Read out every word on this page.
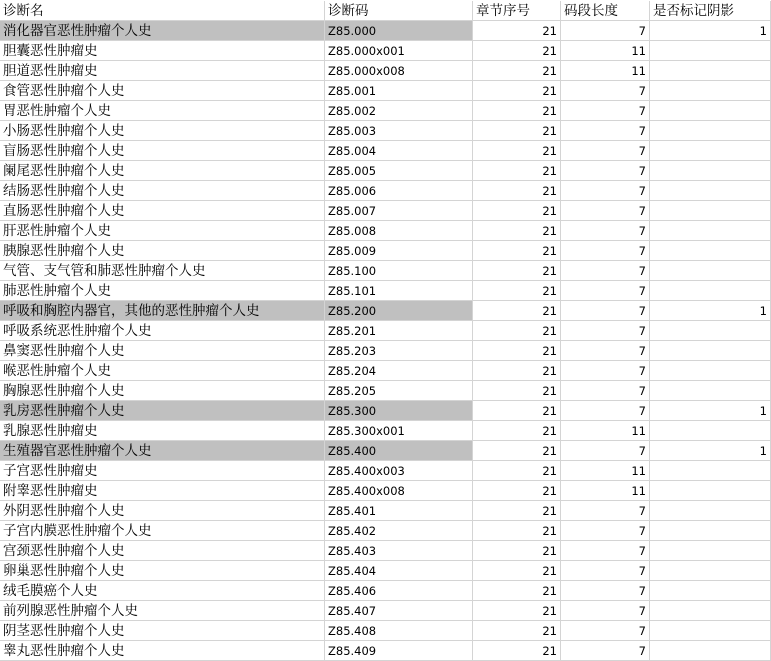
诊断名	诊断码	章节序号	码段长度	是否标记阴影
消化器官恶性肿瘤个人史	Z85.000	21	7	1
胆囊恶性肿瘤史	Z85.000x001	21	11
胆道恶性肿瘤史	Z85.000x008	21	11
食管恶性肿瘤个人史	Z85.001	21	7
胃恶性肿瘤个人史	Z85.002	21	7
小肠恶性肿瘤个人史	Z85.003	21	7
盲肠恶性肿瘤个人史	Z85.004	21	7
阑尾恶性肿瘤个人史	Z85.005	21	7
结肠恶性肿瘤个人史	Z85.006	21	7
直肠恶性肿瘤个人史	Z85.007	21	7
肝恶性肿瘤个人史	Z85.008	21	7
胰腺恶性肿瘤个人史	Z85.009	21	7
气管、支气管和肺恶性肿瘤个人史	Z85.100	21	7
肺恶性肿瘤个人史	Z85.101	21	7
呼吸和胸腔内器官，其他的恶性肿瘤个人史	Z85.200	21	7	1
呼吸系统恶性肿瘤个人史	Z85.201	21	7
鼻窦恶性肿瘤个人史	Z85.203	21	7
喉恶性肿瘤个人史	Z85.204	21	7
胸腺恶性肿瘤个人史	Z85.205	21	7
乳房恶性肿瘤个人史	Z85.300	21	7	1
乳腺恶性肿瘤史	Z85.300x001	21	11
生殖器官恶性肿瘤个人史	Z85.400	21	7	1
子宫恶性肿瘤史	Z85.400x003	21	11
附睾恶性肿瘤史	Z85.400x008	21	11
外阴恶性肿瘤个人史	Z85.401	21	7
子宫内膜恶性肿瘤个人史	Z85.402	21	7
宫颈恶性肿瘤个人史	Z85.403	21	7
卵巢恶性肿瘤个人史	Z85.404	21	7
绒毛膜癌个人史	Z85.406	21	7
前列腺恶性肿瘤个人史	Z85.407	21	7
阴茎恶性肿瘤个人史	Z85.408	21	7
睾丸恶性肿瘤个人史	Z85.409	21	7
